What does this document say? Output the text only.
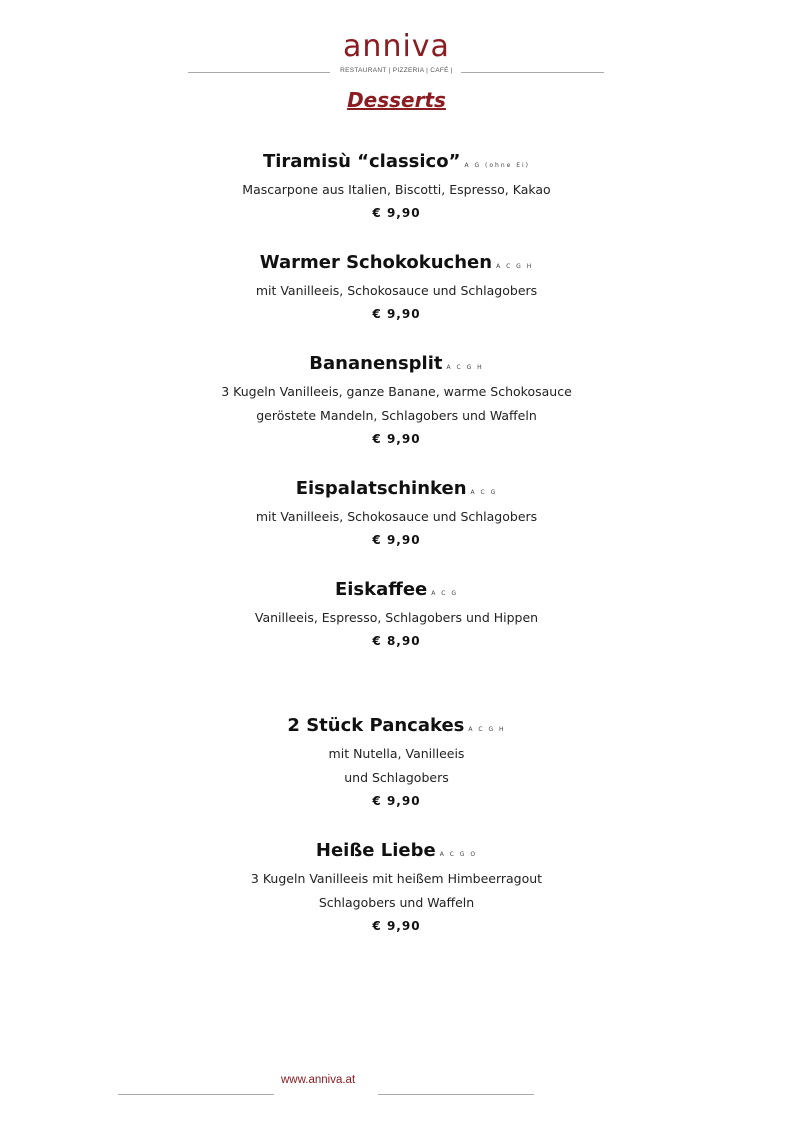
anniva
RESTAURANT | PIZZERIA | CAFÉ |
Desserts
Tiramisù “classico” A G (ohne Ei)
Mascarpone aus Italien, Biscotti, Espresso, Kakao
€ 9,90
Warmer Schokokuchen A C G H
mit Vanilleeis, Schokosauce und Schlagobers
€ 9,90
Bananensplit A C G H
3 Kugeln Vanilleeis, ganze Banane, warme Schokosauce
geröstete Mandeln, Schlagobers und Waffeln
€ 9,90
Eispalatschinken A C G
mit Vanilleeis, Schokosauce und Schlagobers
€ 9,90
Eiskaffee A C G
Vanilleeis, Espresso, Schlagobers und Hippen
€ 8,90
2 Stück Pancakes A C G H
mit Nutella, Vanilleeis
und Schlagobers
€ 9,90
Heiße Liebe A C G O
3 Kugeln Vanilleeis mit heißem Himbeerragout
Schlagobers und Waffeln
€ 9,90
www.anniva.at
